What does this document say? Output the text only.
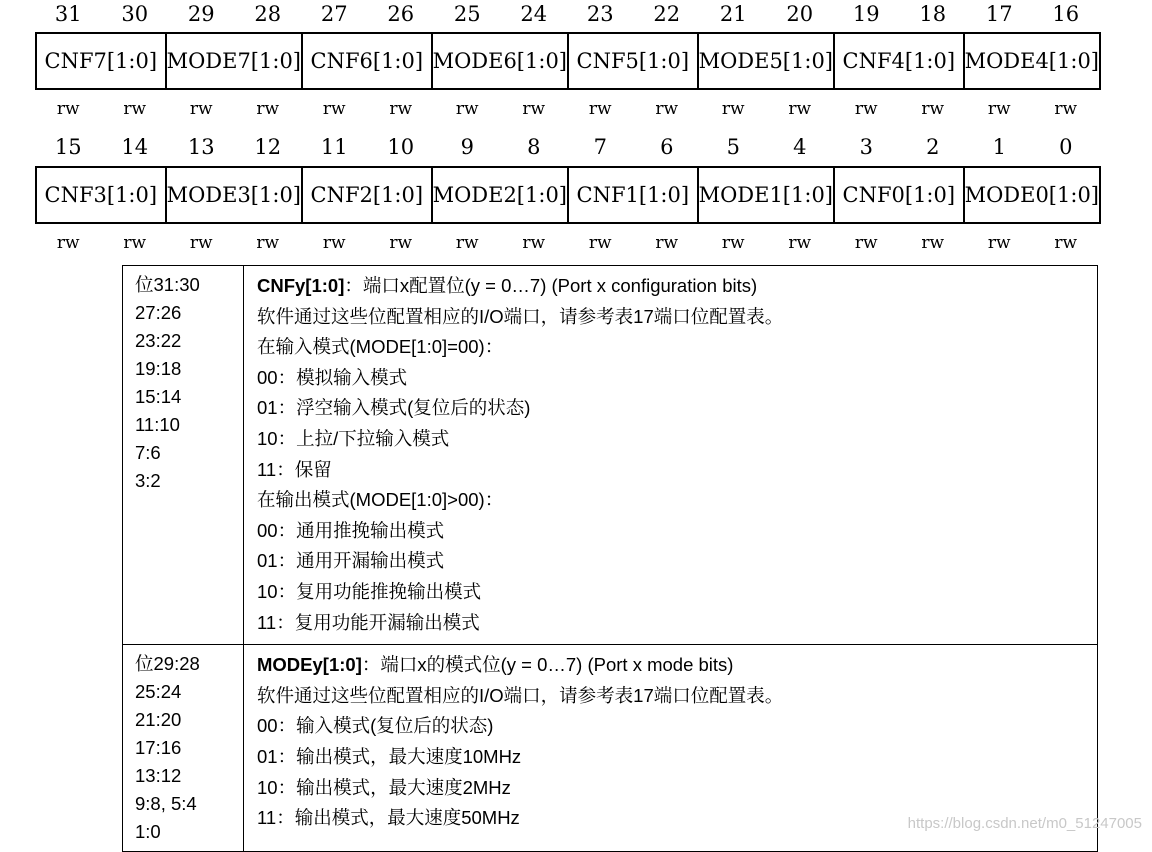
31	30	29	28	27	26	25	24	23	22	21	20	19	18	17	16
CNF7[1:0] MODE7[1:0] CNF6[1:0] MODE6[1:0] CNF5[1:0] MODE5[1:0] CNF4[1:0] MODE4[1:0]
rw	rw	rw	rw	rw	rw	rw	rw	rw	rw	rw	rw	rw	rw	rw	rw
15	14	13	12	11	10	9	8	7	6	5	4	3	2	1	0
CNF3[1:0] MODE3[1:0] CNF2[1:0] MODE2[1:0] CNF1[1:0] MODE1[1:0] CNF0[1:0] MODE0[1:0]
rw	rw	rw	rw	rw	rw	rw	rw	rw	rw	rw	rw	rw	rw	rw	rw
位31:30
27:26
23:22
19:18
15:14
11:10
7:6
3:2
CNFy[1:0]：端口x配置位(y = 0…7) (Port x configuration bits)
软件通过这些位配置相应的I/O端口，请参考表17端口位配置表。
在输入模式(MODE[1:0]=00)：
00：模拟输入模式
01：浮空输入模式(复位后的状态)
10：上拉/下拉输入模式
11：保留
在输出模式(MODE[1:0]>00)：
00：通用推挽输出模式
01：通用开漏输出模式
10：复用功能推挽输出模式
11：复用功能开漏输出模式
位29:28
25:24
21:20
17:16
13:12
9:8, 5:4
1:0
MODEy[1:0]：端口x的模式位(y = 0…7) (Port x mode bits)
软件通过这些位配置相应的I/O端口，请参考表17端口位配置表。
00：输入模式(复位后的状态)
01：输出模式，最大速度10MHz
10：输出模式，最大速度2MHz
11：输出模式，最大速度50MHz	https://blog.csdn.net/m0_51247005
